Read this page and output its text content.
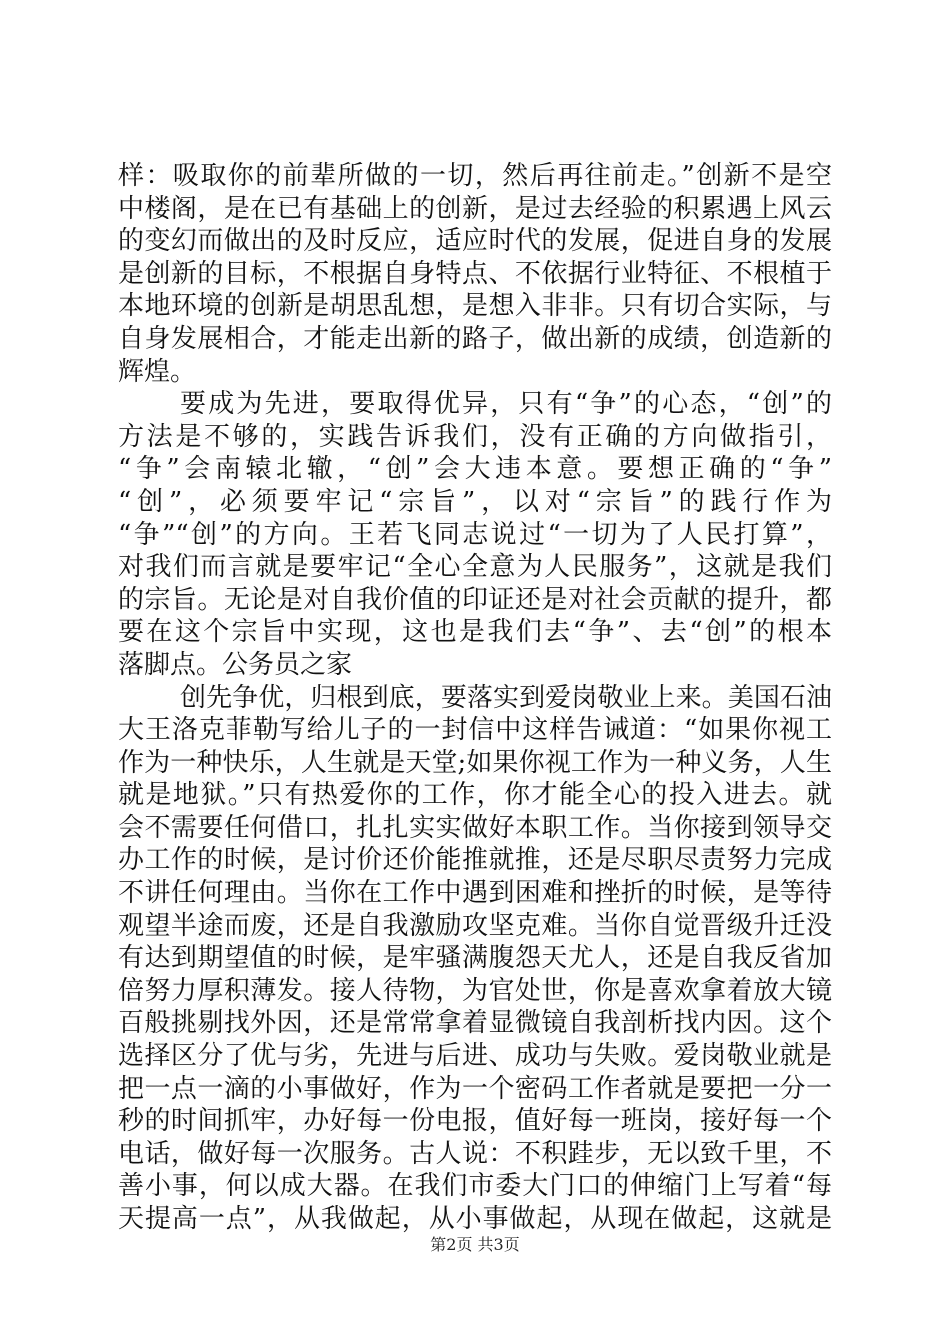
样：吸取你的前辈所做的一切，然后再往前走。”创新不是空
中楼阁，是在已有基础上的创新，是过去经验的积累遇上风云
的变幻而做出的及时反应，适应时代的发展，促进自身的发展
是创新的目标，不根据自身特点、不依据行业特征、不根植于
本地环境的创新是胡思乱想，是想入非非。只有切合实际，与
自身发展相合，才能走出新的路子，做出新的成绩，创造新的
辉煌。
要成为先进，要取得优异，只有“争”的心态，“创”的
方法是不够的，实践告诉我们，没有正确的方向做指引，
“争”会南辕北辙，“创”会大违本意。要想正确的“争”
“创”，必须要牢记“宗旨”，以对“宗旨”的践行作为
“争”“创”的方向。王若飞同志说过“一切为了人民打算”，
对我们而言就是要牢记“全心全意为人民服务”，这就是我们
的宗旨。无论是对自我价值的印证还是对社会贡献的提升，都
要在这个宗旨中实现，这也是我们去“争”、去“创”的根本
落脚点。公务员之家
创先争优，归根到底，要落实到爱岗敬业上来。美国石油
大王洛克菲勒写给儿子的一封信中这样告诫道：“如果你视工
作为一种快乐，人生就是天堂;如果你视工作为一种义务，人生
就是地狱。”只有热爱你的工作，你才能全心的投入进去。就
会不需要任何借口，扎扎实实做好本职工作。当你接到领导交
办工作的时候，是讨价还价能推就推，还是尽职尽责努力完成
不讲任何理由。当你在工作中遇到困难和挫折的时候，是等待
观望半途而废，还是自我激励攻坚克难。当你自觉晋级升迁没
有达到期望值的时候，是牢骚满腹怨天尤人，还是自我反省加
倍努力厚积薄发。接人待物，为官处世，你是喜欢拿着放大镜
百般挑剔找外因，还是常常拿着显微镜自我剖析找内因。这个
选择区分了优与劣，先进与后进、成功与失败。爱岗敬业就是
把一点一滴的小事做好，作为一个密码工作者就是要把一分一
秒的时间抓牢，办好每一份电报，值好每一班岗，接好每一个
电话，做好每一次服务。古人说：不积跬步，无以致千里，不
善小事，何以成大器。在我们市委大门口的伸缩门上写着“每
天提高一点”，从我做起，从小事做起，从现在做起，这就是
第2页 共3页
